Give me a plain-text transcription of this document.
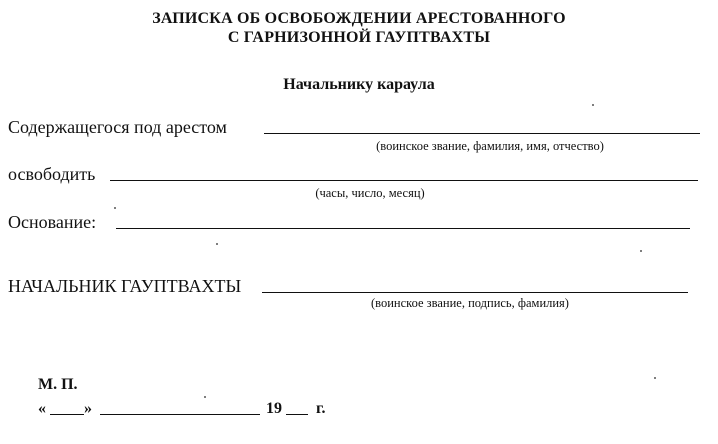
ЗАПИСКА ОБ ОСВОБОЖДЕНИИ АРЕСТОВАННОГО
С ГАРНИЗОННОЙ ГАУПТВАХТЫ
Начальнику караула
Содержащегося под арестом
(воинское звание, фамилия, имя, отчество)
освободить
(часы, число, месяц)
Основание:
НАЧАЛЬНИК ГАУПТВАХТЫ
(воинское звание, подпись, фамилия)
М. П.
« »	19 г.
